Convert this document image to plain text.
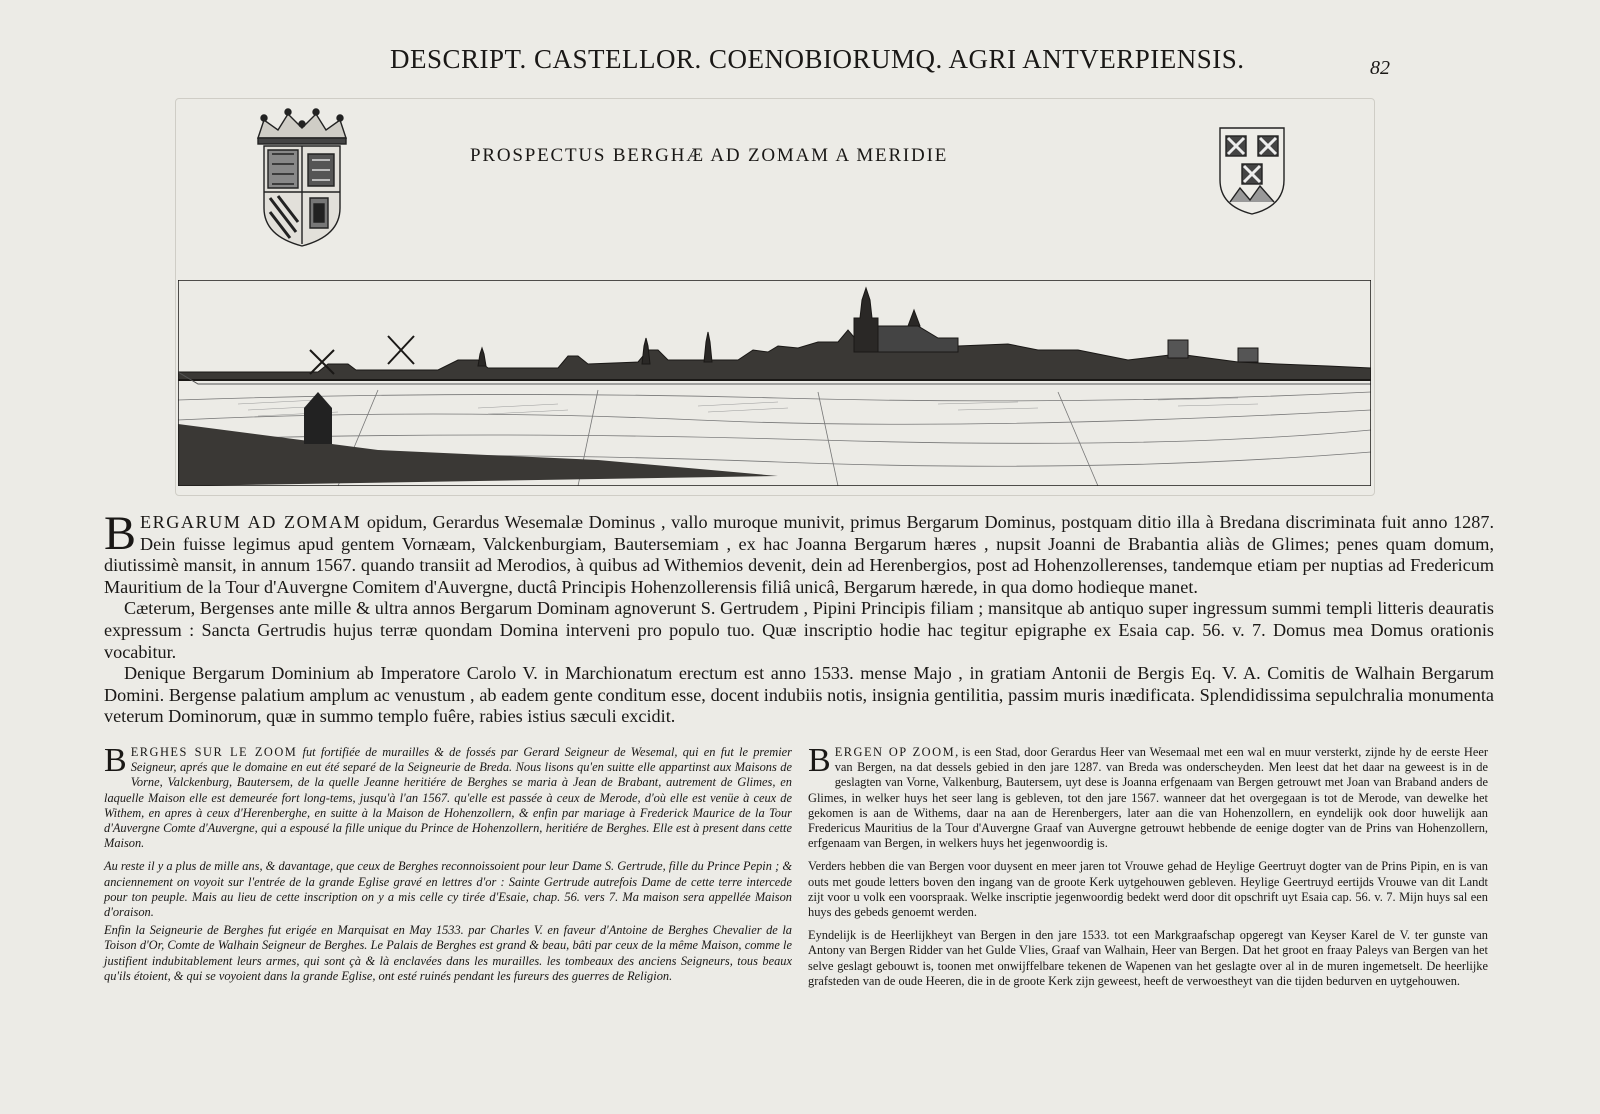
DESCRIPT. CASTELLOR. COENOBIORUMQ. AGRI ANTVERPIENSIS.	82
PROSPECTUS BERGHÆ AD ZOMAM A MERIDIE

BERGARUM AD ZOMAM opidum, Gerardus Wesemalæ Dominus , vallo muroque munivit, primus Bergarum Dominus, postquam ditio illa à Bredana discriminata fuit anno 1287. Dein fuisse legimus apud gentem Vornæam, Valckenburgiam, Bautersemiam , ex hac Joanna Bergarum hæres , nupsit Joanni de Brabantia aliàs de Glimes; penes quam domum, diutissimè mansit, in annum 1567. quando transiit ad Merodios, à quibus ad Withemios devenit, dein ad Herenbergios, post ad Hohenzollerenses, tandemque etiam per nuptias ad Fredericum Mauritium de la Tour d'Auvergne Comitem d'Auvergne, ductâ Principis Hohenzollerensis filiâ unicâ, Bergarum hærede, in qua domo hodieque manet.

Cæterum, Bergenses ante mille & ultra annos Bergarum Dominam agnoverunt S. Gertrudem , Pipini Principis filiam ; mansitque ab antiquo super ingressum summi templi litteris deauratis expressum : Sancta Gertrudis hujus terræ quondam Domina interveni pro populo tuo. Quæ inscriptio hodie hac tegitur epigraphe ex Esaia cap. 56. v. 7. Domus mea Domus orationis vocabitur.

Denique Bergarum Dominium ab Imperatore Carolo V. in Marchionatum erectum est anno 1533. mense Majo , in gratiam Antonii de Bergis Eq. V. A. Comitis de Walhain Bergarum Domini. Bergense palatium amplum ac venustum , ab eadem gente conditum esse, docent indubiis notis, insignia gentilitia, passim muris inædificata. Splendidissima sepulchralia monumenta veterum Dominorum, quæ in summo templo fuêre, rabies istius sæculi excidit.

BERGHES SUR LE ZOOM fut fortifiée de murailles & de fossés par Gerard Seigneur de Wesemal, qui en fut le premier Seigneur, aprés que le domaine en eut été separé de la Seigneurie de Breda. Nous lisons qu'en suitte elle appartinst aux Maisons de Vorne, Valckenburg, Bautersem, de la quelle Jeanne heritiére de Berghes se maria à Jean de Brabant, autrement de Glimes, en laquelle Maison elle est demeurée fort long-tems, jusqu'à l'an 1567. qu'elle est passée à ceux de Merode, d'où elle est venüe à ceux de Withem, en apres à ceux d'Herenberghe, en suitte à la Maison de Hohenzollern, & enfin par mariage à Frederick Maurice de la Tour d'Auvergne Comte d'Auvergne, qui a espousé la fille unique du Prince de Hohenzollern, heritiére de Berghes. Elle est à present dans cette Maison.

Au reste il y a plus de mille ans, & davantage, que ceux de Berghes reconnoissoient pour leur Dame S. Gertrude, fille du Prince Pepin ; & anciennement on voyoit sur l'entrée de la grande Eglise gravé en lettres d'or : Sainte Gertrude autrefois Dame de cette terre intercede pour ton peuple. Mais au lieu de cette inscription on y a mis celle cy tirée d'Esaie, chap. 56. vers 7. Ma maison sera appellée Maison d'oraison.

Enfin la Seigneurie de Berghes fut erigée en Marquisat en May 1533. par Charles V. en faveur d'Antoine de Berghes Chevalier de la Toison d'Or, Comte de Walhain Seigneur de Berghes. Le Palais de Berghes est grand & beau, bâti par ceux de la même Maison, comme le justifient indubitablement leurs armes, qui sont çà & là enclavées dans les murailles. les tombeaux des anciens Seigneurs, tous beaux qu'ils étoient, & qui se voyoient dans la grande Eglise, ont esté ruinés pendant les fureurs des guerres de Religion.

BERGEN OP ZOOM, is een Stad, door Gerardus Heer van Wesemaal met een wal en muur versterkt, zijnde hy de eerste Heer van Bergen, na dat dessels gebied in den jare 1287. van Breda was onderscheyden. Men leest dat het daar na geweest is in de geslagten van Vorne, Valkenburg, Bautersem, uyt dese is Joanna erfgenaam van Bergen getrouwt met Joan van Braband anders de Glimes, in welker huys het seer lang is gebleven, tot den jare 1567. wanneer dat het overgegaan is tot de Merode, van dewelke het gekomen is aan de Withems, daar na aan de Herenbergers, later aan die van Hohenzollern, en eyndelijk ook door huwelijk aan Fredericus Mauritius de la Tour d'Auvergne Graaf van Auvergne getrouwt hebbende de eenige dogter van de Prins van Hohenzollern, erfgenaam van Bergen, in welkers huys het jegenwoordig is.

Verders hebben die van Bergen voor duysent en meer jaren tot Vrouwe gehad de Heylige Geertruyt dogter van de Prins Pipin, en is van outs met goude letters boven den ingang van de groote Kerk uytgehouwen gebleven. Heylige Geertruyd eertijds Vrouwe van dit Landt zijt voor u volk een voorspraak. Welke inscriptie jegenwoordig bedekt werd door dit opschrift uyt Esaia cap. 56. v. 7. Mijn huys sal een huys des gebeds genoemt werden.

Eyndelijk is de Heerlijkheyt van Bergen in den jare 1533. tot een Markgraafschap opgeregt van Keyser Karel de V. ter gunste van Antony van Bergen Ridder van het Gulde Vlies, Graaf van Walhain, Heer van Bergen. Dat het groot en fraay Paleys van Bergen van het selve geslagt gebouwt is, toonen met onwijffelbare tekenen de Wapenen van het geslagte over al in de muren ingemetselt. De heerlijke grafsteden van de oude Heeren, die in de groote Kerk zijn geweest, heeft de verwoestheyt van die tijden bedurven en uytgehouwen.
